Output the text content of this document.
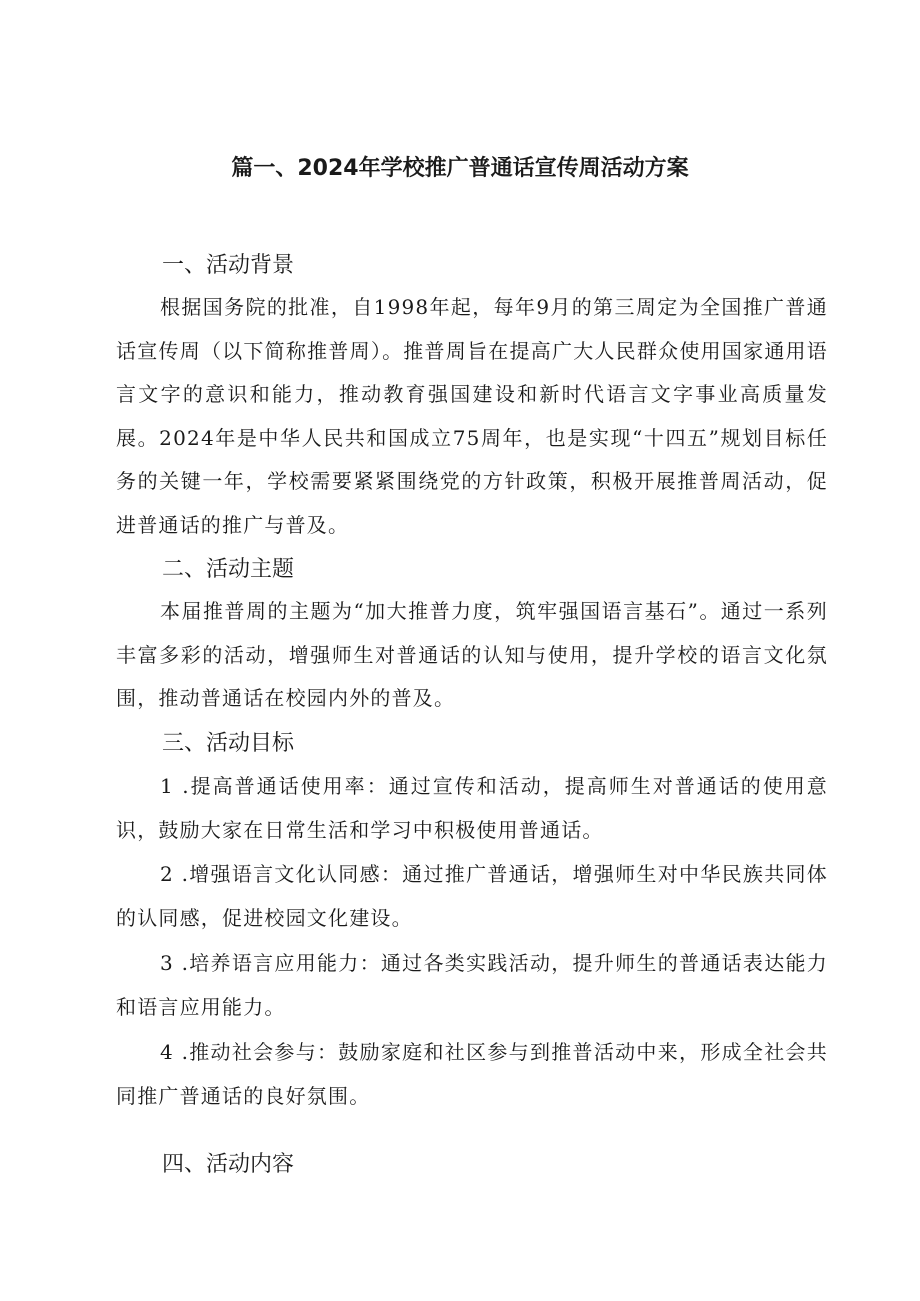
篇一、2024年学校推广普通话宣传周活动方案
一、活动背景
根据国务院的批准，自1998年起，每年9月的第三周定为全国推广普通话宣传周（以下简称推普周）。推普周旨在提高广大人民群众使用国家通用语言文字的意识和能力，推动教育强国建设和新时代语言文字事业高质量发展。2024年是中华人民共和国成立75周年，也是实现“十四五”规划目标任务的关键一年，学校需要紧紧围绕党的方针政策，积极开展推普周活动，促进普通话的推广与普及。
二、活动主题
本届推普周的主题为“加大推普力度，筑牢强国语言基石”。通过一系列丰富多彩的活动，增强师生对普通话的认知与使用，提升学校的语言文化氛围，推动普通话在校园内外的普及。
三、活动目标
1 .提高普通话使用率：通过宣传和活动，提高师生对普通话的使用意识，鼓励大家在日常生活和学习中积极使用普通话。
2 .增强语言文化认同感：通过推广普通话，增强师生对中华民族共同体的认同感，促进校园文化建设。
3 .培养语言应用能力：通过各类实践活动，提升师生的普通话表达能力和语言应用能力。
4 .推动社会参与：鼓励家庭和社区参与到推普活动中来，形成全社会共同推广普通话的良好氛围。
四、活动内容
